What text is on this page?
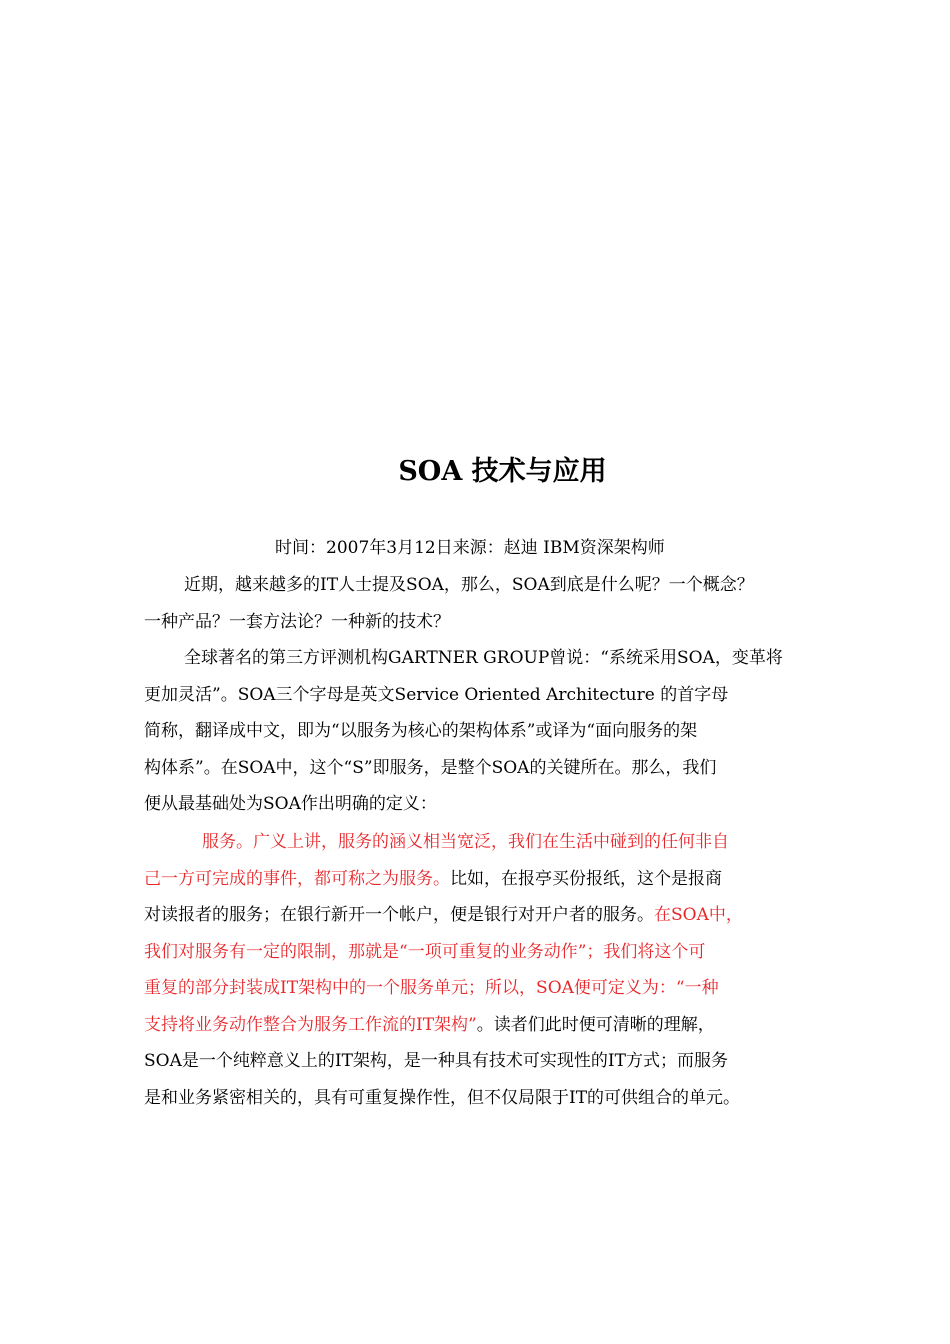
SOA 技术与应用
时间：2007年3月12日来源：赵迪 IBM资深架构师
近期，越来越多的IT人士提及SOA，那么，SOA到底是什么呢？一个概念？
一种产品？一套方法论？一种新的技术？
全球著名的第三方评测机构GARTNER GROUP曾说：“系统采用SOA，变革将
更加灵活”。SOA三个字母是英文Service Oriented Architecture 的首字母
简称，翻译成中文，即为“以服务为核心的架构体系”或译为“面向服务的架
构体系”。在SOA中，这个“S”即服务，是整个SOA的关键所在。那么，我们
便从最基础处为SOA作出明确的定义：
服务。广义上讲，服务的涵义相当宽泛，我们在生活中碰到的任何非自
己一方可完成的事件，都可称之为服务。比如，在报亭买份报纸，这个是报商
对读报者的服务；在银行新开一个帐户，便是银行对开户者的服务。在SOA中，
我们对服务有一定的限制，那就是“一项可重复的业务动作”；我们将这个可
重复的部分封装成IT架构中的一个服务单元；所以，SOA便可定义为：“一种
支持将业务动作整合为服务工作流的IT架构”。读者们此时便可清晰的理解，
SOA是一个纯粹意义上的IT架构，是一种具有技术可实现性的IT方式；而服务
是和业务紧密相关的，具有可重复操作性，但不仅局限于IT的可供组合的单元。
